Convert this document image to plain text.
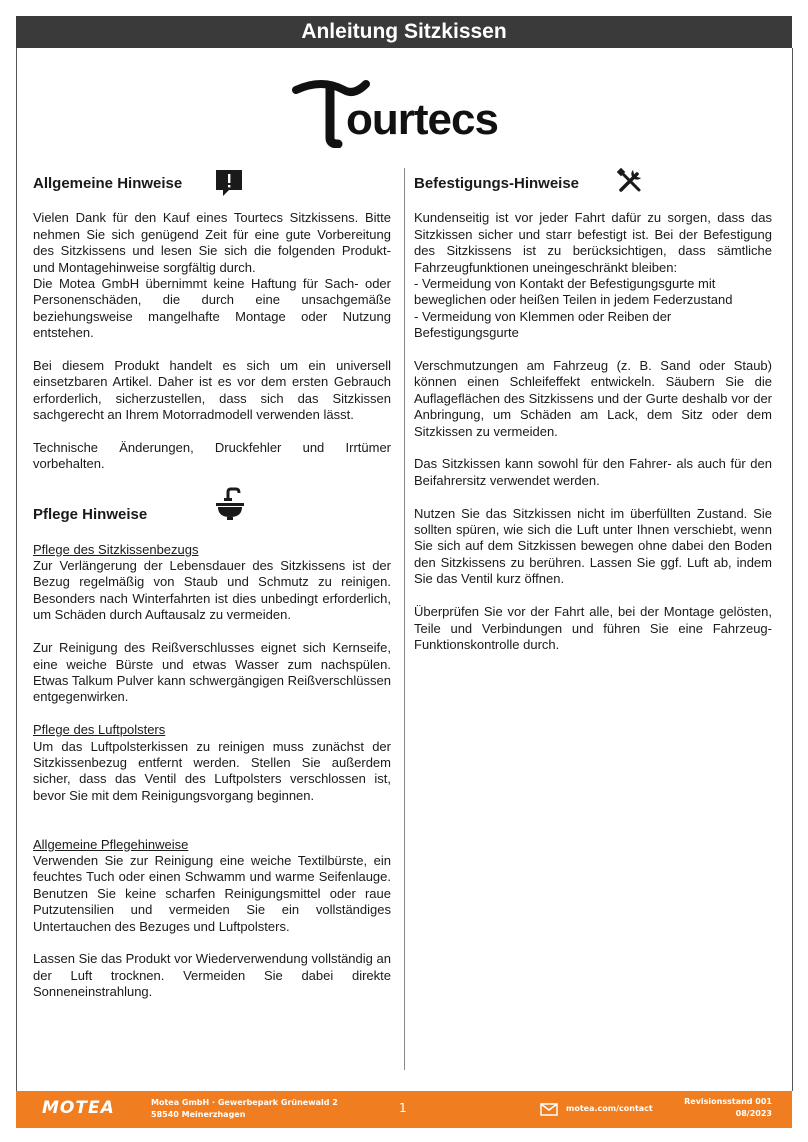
Anleitung Sitzkissen
ourtecs
Allgemeine Hinweise

Vielen Dank für den Kauf eines Tourtecs Sitzkissens. Bitte nehmen Sie sich genügend Zeit für eine gute Vorbereitung des Sitzkissens und lesen Sie sich die folgenden Produkt- und Montagehinweise sorgfältig durch.

Die Motea GmbH übernimmt keine Haftung für Sach- oder Personenschäden, die durch eine unsachgemäße beziehungsweise mangelhafte Montage oder Nutzung entstehen.

Bei diesem Produkt handelt es sich um ein universell einsetzbaren Artikel. Daher ist es vor dem ersten Gebrauch erforderlich, sicherzustellen, dass sich das Sitzkissen sachgerecht an Ihrem Motorradmodell verwenden lässt.

Technische Änderungen, Druckfehler und Irrtümer vorbehalten.

Pflege Hinweise
Pflege des Sitzkissenbezugs

Zur Verlängerung der Lebensdauer des Sitzkissens ist der Bezug regelmäßig von Staub und Schmutz zu reinigen. Besonders nach Winterfahrten ist dies unbedingt erforderlich, um Schäden durch Auftausalz zu vermeiden.

Zur Reinigung des Reißverschlusses eignet sich Kernseife, eine weiche Bürste und etwas Wasser zum nachspülen. Etwas Talkum Pulver kann schwergängigen Reißverschlüssen entgegenwirken.

Pflege des Luftpolsters

Um das Luftpolsterkissen zu reinigen muss zunächst der Sitzkissenbezug entfernt werden. Stellen Sie außerdem sicher, dass das Ventil des Luftpolsters verschlossen ist, bevor Sie mit dem Reinigungsvorgang beginnen.

Allgemeine Pflegehinweise

Verwenden Sie zur Reinigung eine weiche Textilbürste, ein feuchtes Tuch oder einen Schwamm und warme Seifenlauge. Benutzen Sie keine scharfen Reinigungsmittel oder raue Putzutensilien und vermeiden Sie ein vollständiges Untertauchen des Bezuges und Luftpolsters.

Lassen Sie das Produkt vor Wiederverwendung vollständig an der Luft trocknen. Vermeiden Sie dabei direkte Sonneneinstrahlung.

Befestigungs-Hinweise

Kundenseitig ist vor jeder Fahrt dafür zu sorgen, dass das Sitzkissen sicher und starr befestigt ist. Bei der Befestigung des Sitzkissens ist zu berücksichtigen, dass sämtliche Fahrzeugfunktionen uneingeschränkt bleiben:

- Vermeidung von Kontakt der Befestigungsgurte mit beweglichen oder heißen Teilen in jedem Federzustand

- Vermeidung von Klemmen oder Reiben der Befestigungsgurte

Verschmutzungen am Fahrzeug (z. B. Sand oder Staub) können einen Schleifeffekt entwickeln. Säubern Sie die Auflageflächen des Sitzkissens und der Gurte deshalb vor der Anbringung, um Schäden am Lack, dem Sitz oder dem Sitzkissen zu vermeiden.

Das Sitzkissen kann sowohl für den Fahrer- als auch für den Beifahrersitz verwendet werden.

Nutzen Sie das Sitzkissen nicht im überfüllten Zustand. Sie sollten spüren, wie sich die Luft unter Ihnen verschiebt, wenn Sie sich auf dem Sitzkissen bewegen ohne dabei den Boden den Sitzkissens zu berühren. Lassen Sie ggf. Luft ab, indem Sie das Ventil kurz öffnen.

Überprüfen Sie vor der Fahrt alle, bei der Montage gelösten, Teile und Verbindungen und führen Sie eine Fahrzeug-Funktionskontrolle durch.

MOTEA	Motea GmbH · Gewerbepark Grünewald 2
58540 Meinerzhagen	1	motea.com/contact
Revisionsstand 001
08/2023
